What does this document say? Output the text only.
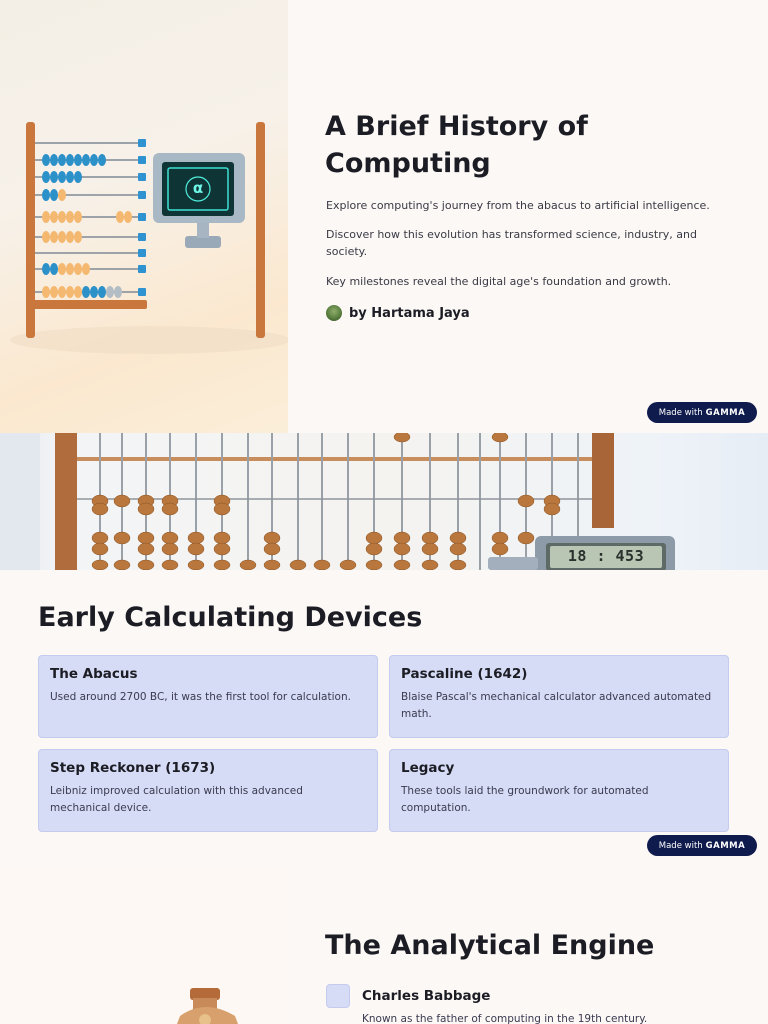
α
A Brief History of
Computing
Explore computing's journey from the abacus to artificial intelligence.
Discover how this evolution has transformed science, industry, and society.
Key milestones reveal the digital age's foundation and growth.
by Hartama Jaya
Made with GAMMA
18 : 453
Early Calculating Devices
The Abacus
Used around 2700 BC, it was the first tool for calculation.
Pascaline (1642)
Blaise Pascal's mechanical calculator advanced automated math.
Step Reckoner (1673)
Leibniz improved calculation with this advanced mechanical device.
Legacy
These tools laid the groundwork for automated computation.
Made with GAMMA
The Analytical Engine
Charles Babbage
Known as the father of computing in the 19th century.
